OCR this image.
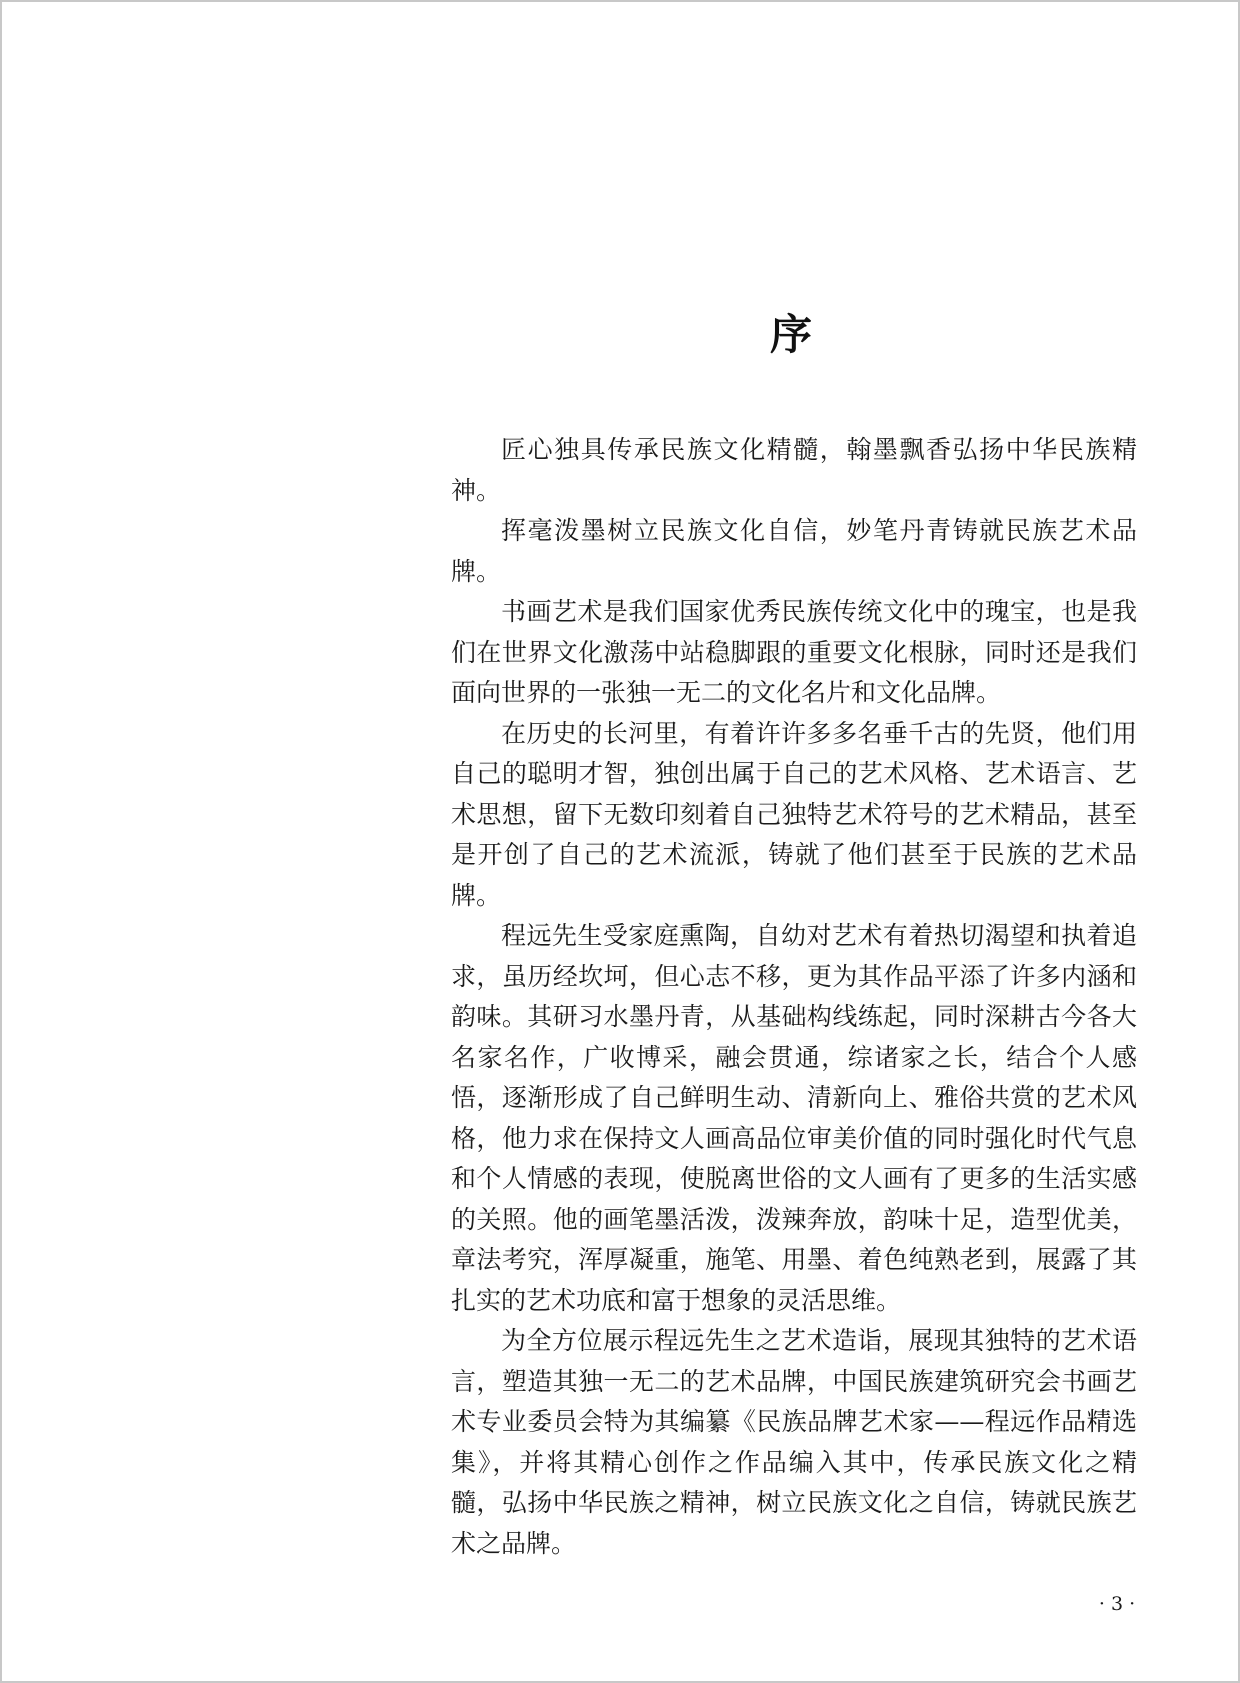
序

匠心独具传承民族文化精髓，翰墨飘香弘扬中华民族精神。

挥毫泼墨树立民族文化自信，妙笔丹青铸就民族艺术品牌。

书画艺术是我们国家优秀民族传统文化中的瑰宝，也是我们在世界文化激荡中站稳脚跟的重要文化根脉，同时还是我们面向世界的一张独一无二的文化名片和文化品牌。

在历史的长河里，有着许许多多名垂千古的先贤，他们用自己的聪明才智，独创出属于自己的艺术风格、艺术语言、艺术思想，留下无数印刻着自己独特艺术符号的艺术精品，甚至是开创了自己的艺术流派，铸就了他们甚至于民族的艺术品牌。

程远先生受家庭熏陶，自幼对艺术有着热切渴望和执着追求，虽历经坎坷，但心志不移，更为其作品平添了许多内涵和韵味。其研习水墨丹青，从基础构线练起，同时深耕古今各大名家名作，广收博采，融会贯通，综诸家之长，结合个人感悟，逐渐形成了自己鲜明生动、清新向上、雅俗共赏的艺术风格，他力求在保持文人画高品位审美价值的同时强化时代气息和个人情感的表现，使脱离世俗的文人画有了更多的生活实感的关照。他的画笔墨活泼，泼辣奔放，韵味十足，造型优美，章法考究，浑厚凝重，施笔、用墨、着色纯熟老到，展露了其扎实的艺术功底和富于想象的灵活思维。

为全方位展示程远先生之艺术造诣，展现其独特的艺术语言，塑造其独一无二的艺术品牌，中国民族建筑研究会书画艺术专业委员会特为其编纂《民族品牌艺术家——程远作品精选集》，并将其精心创作之作品编入其中，传承民族文化之精髓，弘扬中华民族之精神，树立民族文化之自信，铸就民族艺术之品牌。

· 3 ·
